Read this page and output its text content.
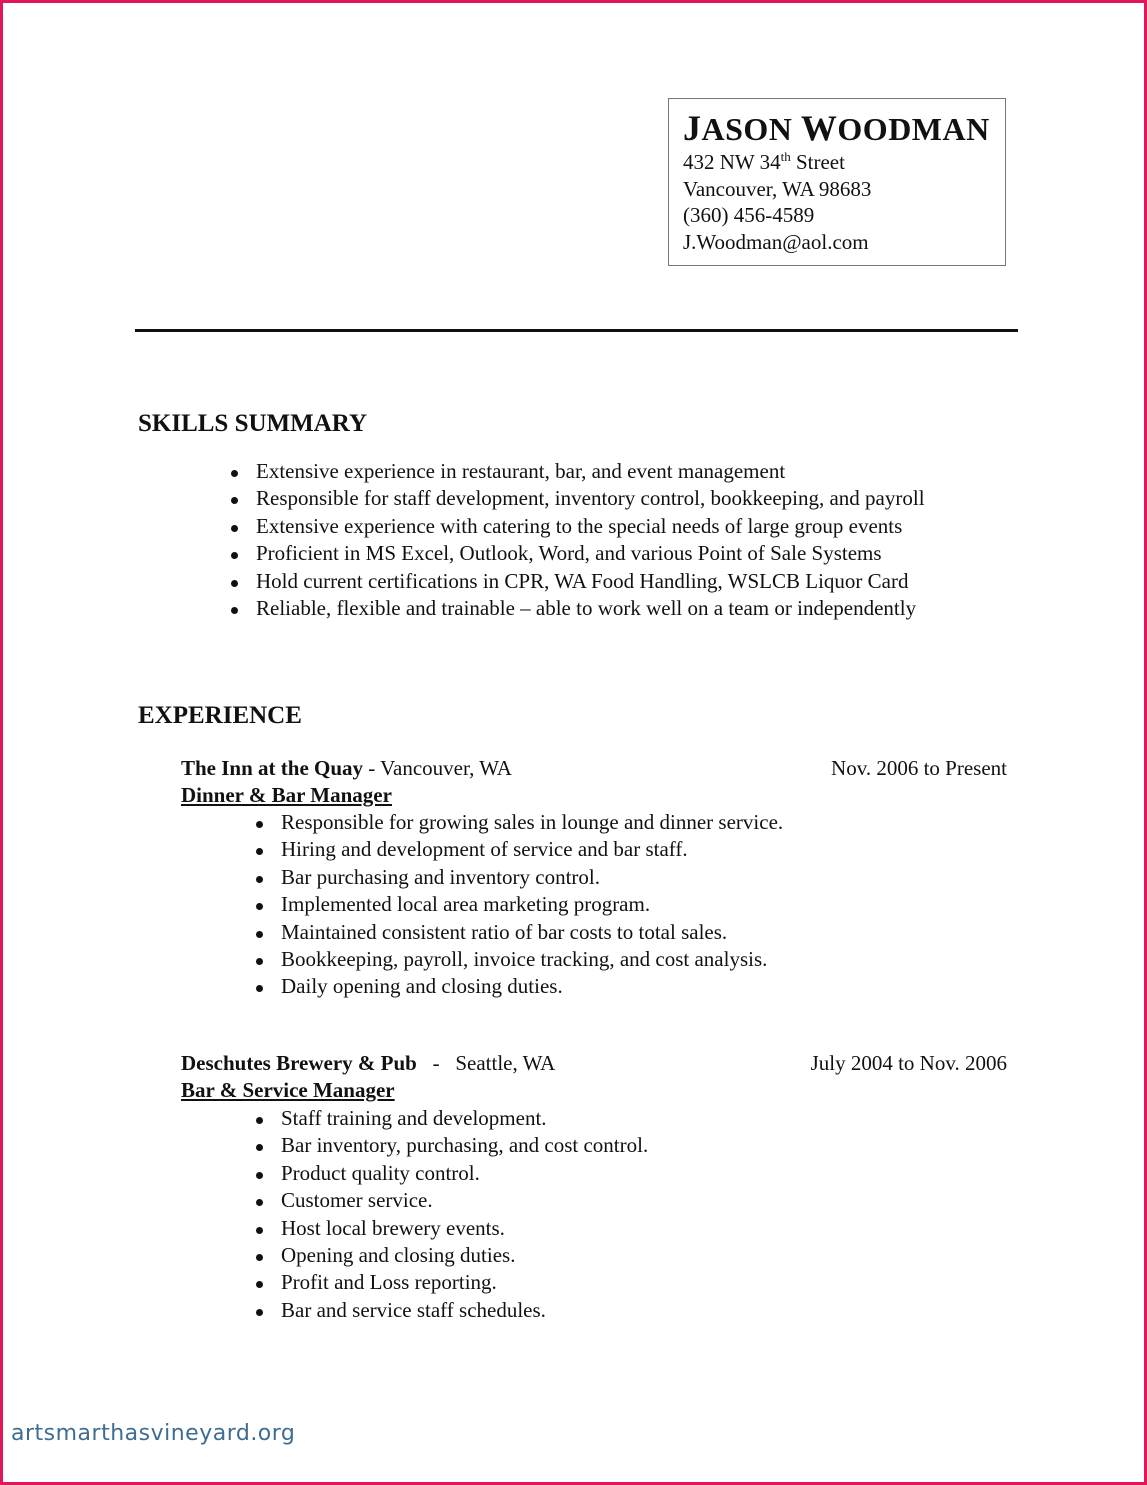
JASON WOODMAN
432 NW 34th Street
Vancouver, WA 98683
(360) 456-4589
J.Woodman@aol.com
SKILLS SUMMARY
Extensive experience in restaurant, bar, and event management
Responsible for staff development, inventory control, bookkeeping, and payroll
Extensive experience with catering to the special needs of large group events
Proficient in MS Excel, Outlook, Word, and various Point of Sale Systems
Hold current certifications in CPR, WA Food Handling, WSLCB Liquor Card
Reliable, flexible and trainable – able to work well on a team or independently
EXPERIENCE
The Inn at the Quay - Vancouver, WA	Nov. 2006 to Present
Dinner & Bar Manager
Responsible for growing sales in lounge and dinner service.
Hiring and development of service and bar staff.
Bar purchasing and inventory control.
Implemented local area marketing program.
Maintained consistent ratio of bar costs to total sales.
Bookkeeping, payroll, invoice tracking, and cost analysis.
Daily opening and closing duties.
Deschutes Brewery & Pub   -   Seattle, WA	July 2004 to Nov. 2006
Bar & Service Manager
Staff training and development.
Bar inventory, purchasing, and cost control.
Product quality control.
Customer service.
Host local brewery events.
Opening and closing duties.
Profit and Loss reporting.
Bar and service staff schedules.
artsmarthasvineyard.org
